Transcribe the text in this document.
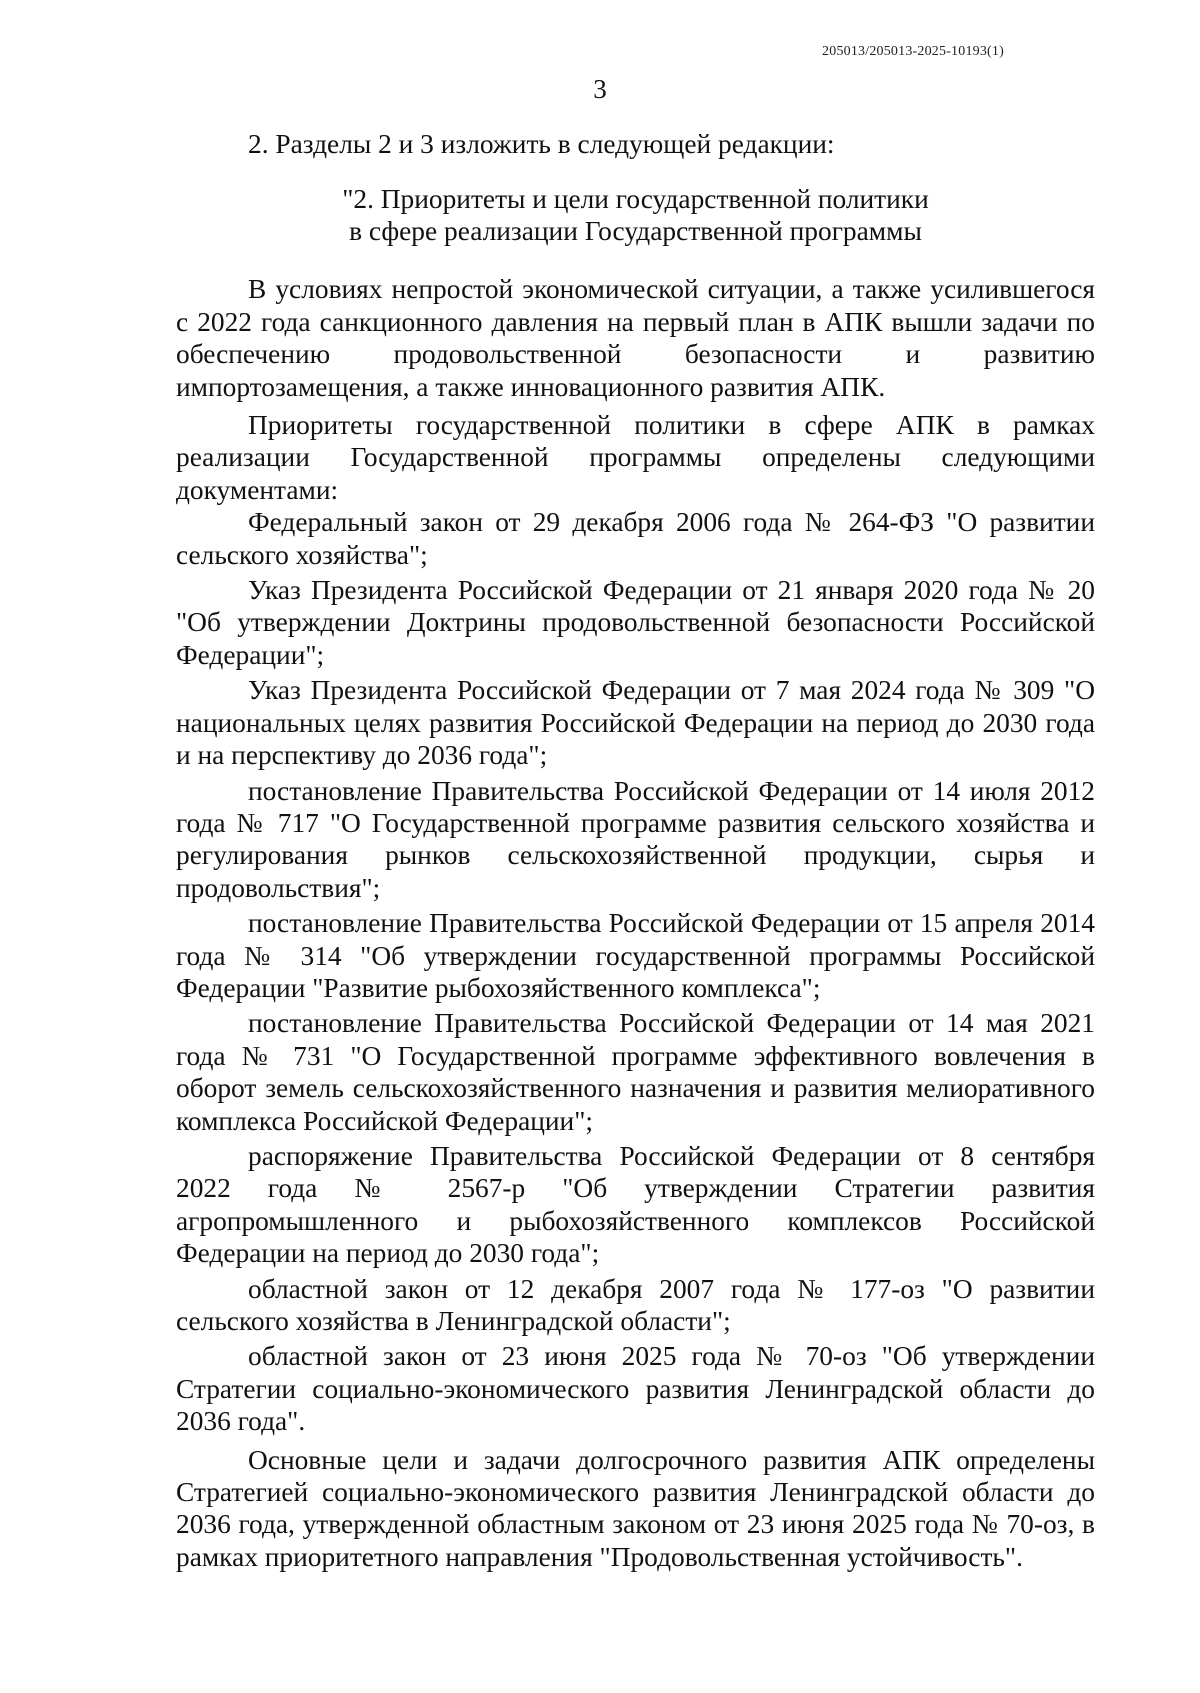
205013/205013-2025-10193(1)
3

2. Разделы 2 и 3 изложить в следующей редакции:

"2. Приоритеты и цели государственной политики
в сфере реализации Государственной программы

В условиях непростой экономической ситуации, а также усилившегося с 2022 года санкционного давления на первый план в АПК вышли задачи по обеспечению продовольственной безопасности и развитию импортозамещения, а также инновационного развития АПК.

Приоритеты государственной политики в сфере АПК в рамках реализации Государственной программы определены следующими документами:

Федеральный закон от 29 декабря 2006 года № 264-ФЗ "О развитии сельского хозяйства";

Указ Президента Российской Федерации от 21 января 2020 года № 20 "Об утверждении Доктрины продовольственной безопасности Российской Федерации";

Указ Президента Российской Федерации от 7 мая 2024 года № 309 "О национальных целях развития Российской Федерации на период до 2030 года и на перспективу до 2036 года";

постановление Правительства Российской Федерации от 14 июля 2012 года № 717 "О Государственной программе развития сельского хозяйства и регулирования рынков сельскохозяйственной продукции, сырья и продовольствия";

постановление Правительства Российской Федерации от 15 апреля 2014 года № 314 "Об утверждении государственной программы Российской Федерации "Развитие рыбохозяйственного комплекса";

постановление Правительства Российской Федерации от 14 мая 2021 года № 731 "О Государственной программе эффективного вовлечения в оборот земель сельскохозяйственного назначения и развития мелиоративного комплекса Российской Федерации";

распоряжение Правительства Российской Федерации от 8 сентября 2022 года № 2567-р "Об утверждении Стратегии развития агропромышленного и рыбохозяйственного комплексов Российской Федерации на период до 2030 года";

областной закон от 12 декабря 2007 года № 177-оз "О развитии сельского хозяйства в Ленинградской области";

областной закон от 23 июня 2025 года № 70-оз "Об утверждении Стратегии социально-экономического развития Ленинградской области до 2036 года".

Основные цели и задачи долгосрочного развития АПК определены Стратегией социально-экономического развития Ленинградской области до 2036 года, утвержденной областным законом от 23 июня 2025 года № 70-оз, в рамках приоритетного направления "Продовольственная устойчивость".
